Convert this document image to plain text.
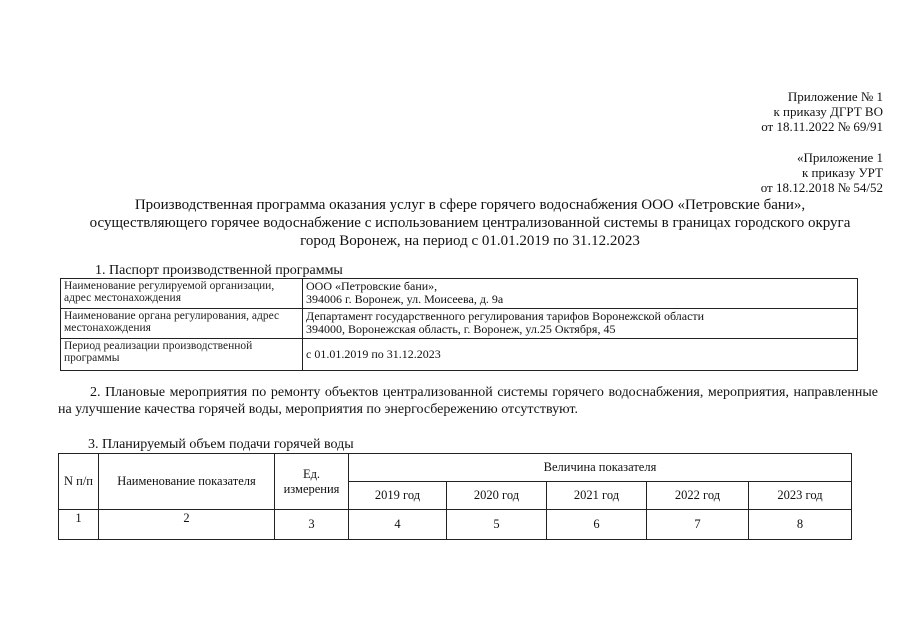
Приложение № 1
к приказу ДГРТ ВО
от 18.11.2022 № 69/91
«Приложение 1
к приказу УРТ
от 18.12.2018 № 54/52
Производственная программа оказания услуг в сфере горячего водоснабжения ООО «Петровские бани»,
осуществляющего горячее водоснабжение с использованием централизованной системы в границах городского округа
город Воронеж, на период с 01.01.2019 по 31.12.2023
1. Паспорт производственной программы
Наименование регулируемой организации, адрес местонахождения	ООО «Петровские бани»,
394006 г. Воронеж, ул. Моисеева, д. 9а

Наименование органа регулирования, адрес местонахождения	Департамент государственного регулирования тарифов Воронежской области
394000, Воронежская область, г. Воронеж, ул.25 Октября, 45

Период реализации производственной программы	с 01.01.2019 по 31.12.2023
2. Плановые мероприятия по ремонту объектов централизованной системы горячего водоснабжения, мероприятия, направленные на улучшение качества горячей воды, мероприятия по энергосбережению отсутствуют.
3. Планируемый объем подачи горячей воды
N п/п	Наименование показателя	Ед. измерения	Величина показателя				
			2019 год	2020 год	2021 год	2022 год	2023 год
1	2	3	4	5	6	7	8
